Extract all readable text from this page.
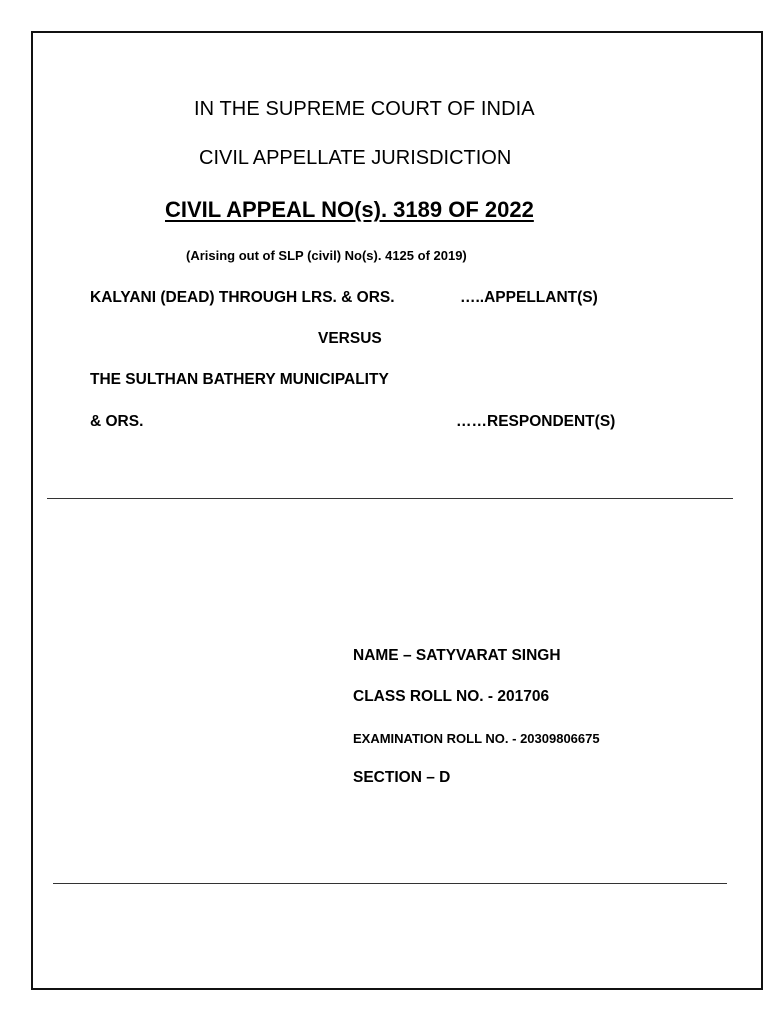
IN THE SUPREME COURT OF INDIA
CIVIL APPELLATE JURISDICTION
CIVIL APPEAL NO(s). 3189 OF 2022
(Arising out of SLP (civil) No(s). 4125 of 2019)
KALYANI (DEAD) THROUGH LRS. & ORS.	…..APPELLANT(S)
VERSUS
THE SULTHAN BATHERY MUNICIPALITY
& ORS.	……RESPONDENT(S)
NAME – SATYVARAT SINGH
CLASS ROLL NO. - 201706
EXAMINATION ROLL NO. - 20309806675
SECTION – D
